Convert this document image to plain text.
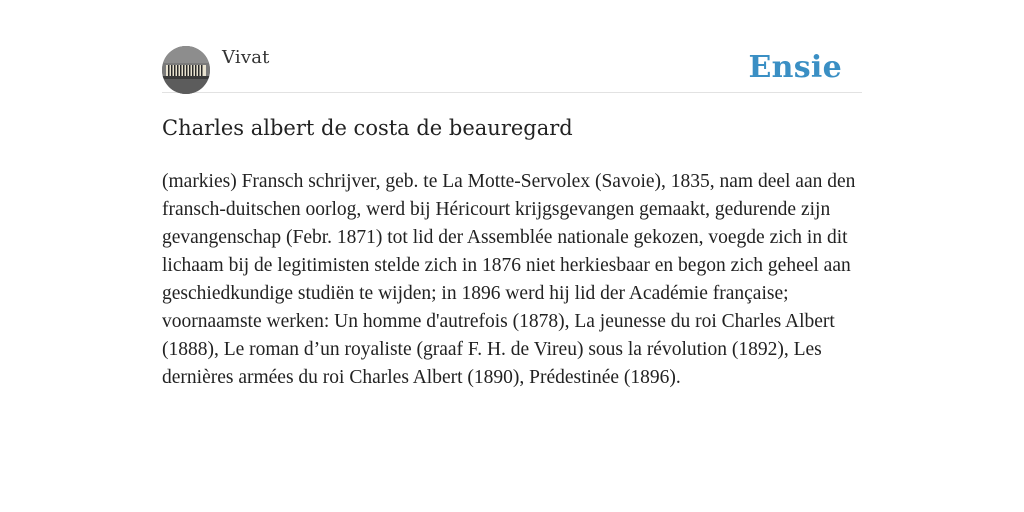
Vivat	Ensie
Charles albert de costa de beauregard

(markies) Fransch schrijver, geb. te La Motte-Servolex (Savoie), 1835, nam deel aan den fransch-duitschen oorlog, werd bij Héricourt krijgsgevangen gemaakt, gedurende zijn gevangenschap (Febr. 1871) tot lid der Assemblée nationale gekozen, voegde zich in dit lichaam bij de legitimisten stelde zich in 1876 niet herkiesbaar en begon zich geheel aan geschiedkundige studiën te wijden; in 1896 werd hij lid der Académie française; voornaamste werken: Un homme d'autrefois (1878), La jeunesse du roi Charles Albert (1888), Le roman d’un royaliste (graaf F. H. de Vireu) sous la révolution (1892), Les dernières armées du roi Charles Albert (1890), Prédestinée (1896).
